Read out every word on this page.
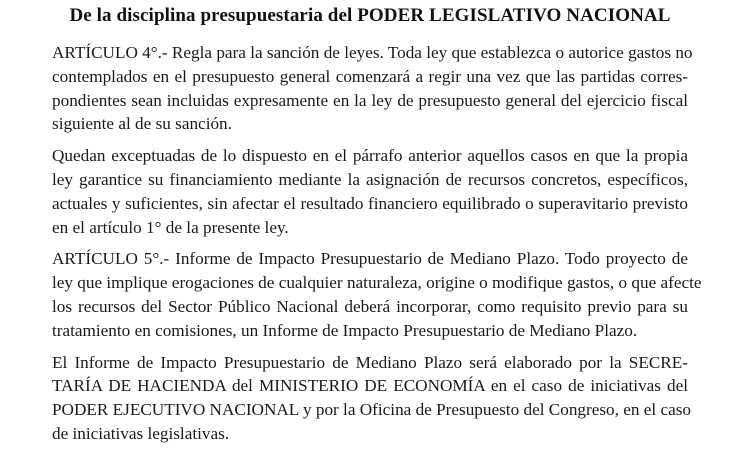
De la disciplina presupuestaria del PODER LEGISLATIVO NACIONAL

ARTÍCULO 4°.- Regla para la sanción de leyes. Toda ley que establezca o autorice gastos no
contemplados en el presupuesto general comenzará a regir una vez que las partidas corres-
pondientes sean incluidas expresamente en la ley de presupuesto general del ejercicio fiscal
siguiente al de su sanción.

Quedan exceptuadas de lo dispuesto en el párrafo anterior aquellos casos en que la propia
ley garantice su financiamiento mediante la asignación de recursos concretos, específicos,
actuales y suficientes, sin afectar el resultado financiero equilibrado o superavitario previsto
en el artículo 1° de la presente ley.

ARTÍCULO 5°.- Informe de Impacto Presupuestario de Mediano Plazo. Todo proyecto de
ley que implique erogaciones de cualquier naturaleza, origine o modifique gastos, o que afecte
los recursos del Sector Público Nacional deberá incorporar, como requisito previo para su
tratamiento en comisiones, un Informe de Impacto Presupuestario de Mediano Plazo.

El Informe de Impacto Presupuestario de Mediano Plazo será elaborado por la SECRE-
TARÍA DE HACIENDA del MINISTERIO DE ECONOMÍA en el caso de iniciativas del
PODER EJECUTIVO NACIONAL y por la Oficina de Presupuesto del Congreso, en el caso
de iniciativas legislativas.
